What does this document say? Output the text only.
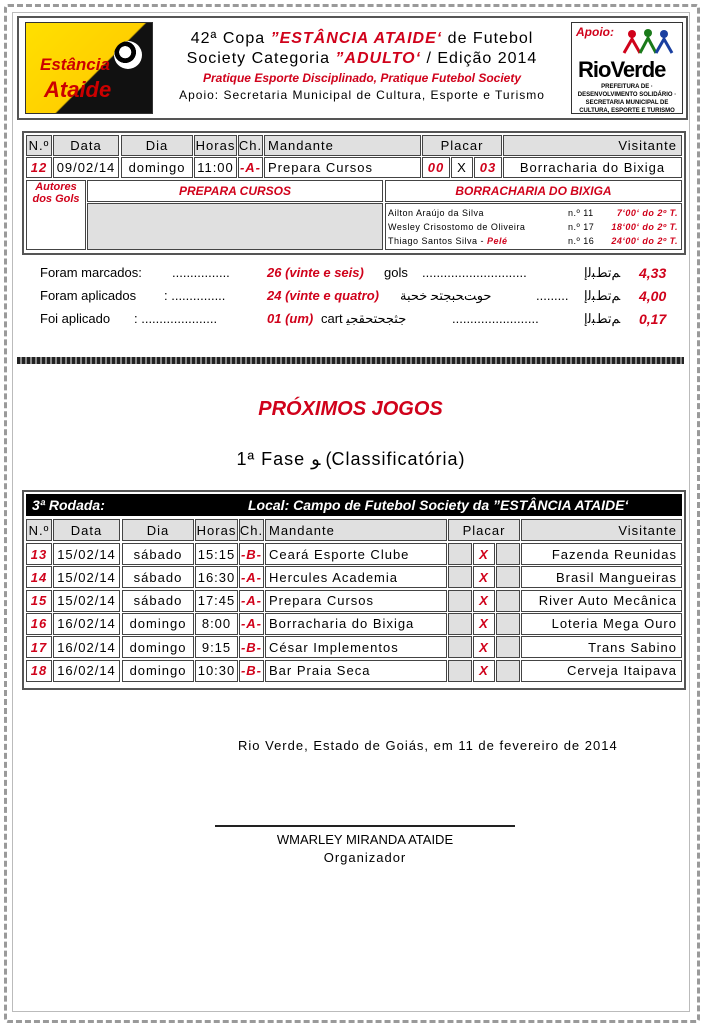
Estância
Ataide
42ª Copa ”ESTÂNCIA ATAIDE‘ de Futebol
Society Categoria ”ADULTO‘ / Edição 2014
Pratique Esporte Disciplinado, Pratique Futebol Society
Apoio: Secretaria Municipal de Cultura, Esporte e Turismo
Apoio:
RioVerde
PREFEITURA DE · DESENVOLVIMENTO SOLIDÁRIO · SECRETARIA MUNICIPAL DE CULTURA, ESPORTE E TURISMO
N.º	Data	Dia	Horas Ch. Mandante	Placar	Visitante
12 09/02/14	domingo 11:00 -A- Prepara Cursos	00 X 03	Borracharia do Bixiga
Autores dos Gols
PREPARA CURSOS	BORRACHARIA DO BIXIGA
Ailton Araújo da Silva	n.º 11	7‘00‘ do 2º T.
Wesley Crisostomo de Oliveira	n.º 17 18‘00‘ do 2º T.
Thiago Santos Silva - Pelé	n.º 16 24‘00‘ do 2º T.
Foram marcados: ................	26 (vinte e seis) gols .............................	ﻢﺗﻂﺒﻟﺇ 4,33
Foram aplicados : ...............	24 (vinte e quatro) ﺣﻮﺖﺤﺒﺠﺘﺤ ﺧﺤﺒﺔ	......... ﻢﺗﻂﺒﻟﺇ 4,00
Foi aplicado : .....................	01 (um) cart ﺟﺜﺠﺤﺘﺤﻘﺠﻴ	........................	ﻢﺗﻂﺒﻟﺇ 0,17
PRÓXIMOS JOGOS
1ª Fase ﻮ (Classificatória)
3ª Rodada:	Local: Campo de Futebol Society da ”ESTÂNCIA ATAIDE‘
N.º	Data	Dia	Horas Ch. Mandante	Placar	Visitante
13 15/02/14	sábado	15:15 -B- Ceará Esporte Clube	X	Fazenda Reunidas
14 15/02/14	sábado	16:30 -A- Hercules Academia	X	Brasil Mangueiras
15 15/02/14	sábado	17:45 -A- Prepara Cursos	X	River Auto Mecânica
16 16/02/14	domingo	8:00 -A- Borracharia do Bixiga	X	Loteria Mega Ouro
17 16/02/14	domingo	9:15 -B- César Implementos	X	Trans Sabino
18 16/02/14	domingo 10:30 -B- Bar Praia Seca	X	Cerveja Itaipava
Rio Verde, Estado de Goiás, em 11 de fevereiro de 2014
WMARLEY MIRANDA ATAIDE
Organizador
